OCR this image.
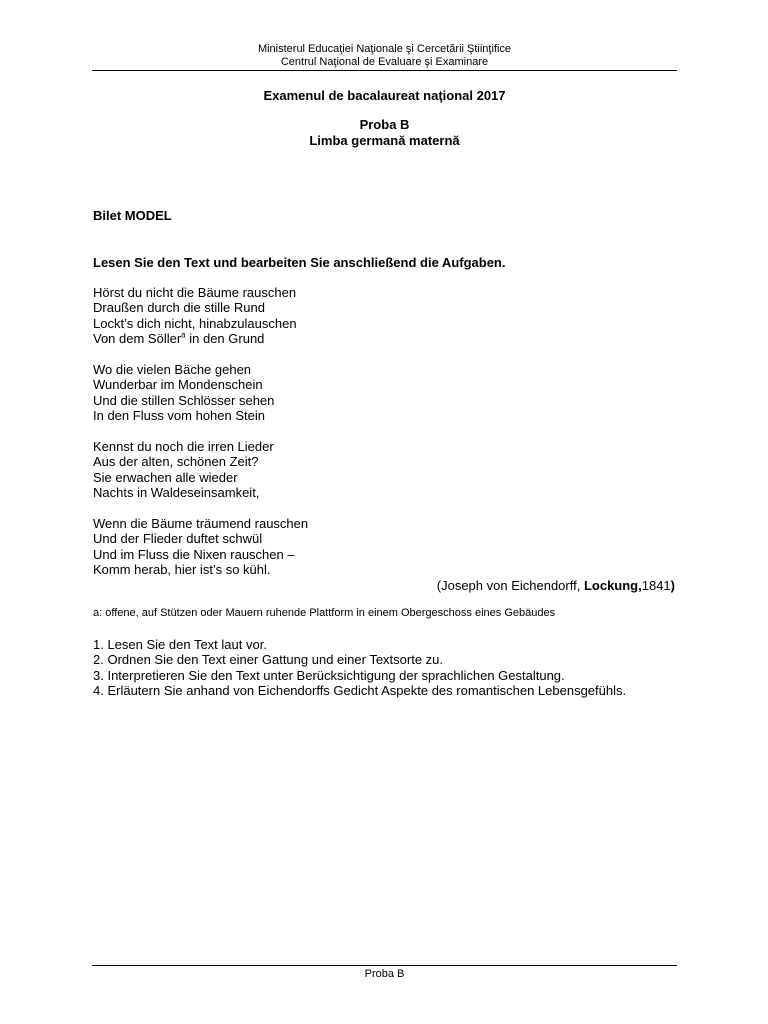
Ministerul Educaţiei Naţionale şi Cercetării Ştiinţifice
Centrul Naţional de Evaluare şi Examinare
Examenul de bacalaureat naţional 2017
Proba B
Limba germană maternă
Bilet MODEL
Lesen Sie den Text und bearbeiten Sie anschließend die Aufgaben.
Hörst du nicht die Bäume rauschen
Draußen durch die stille Rund
Lockt’s dich nicht, hinabzulauschen
Von dem Söller$^a$ in den Grund
Wo die vielen Bäche gehen
Wunderbar im Mondenschein
Und die stillen Schlösser sehen
In den Fluss vom hohen Stein
Kennst du noch die irren Lieder
Aus der alten, schönen Zeit?
Sie erwachen alle wieder
Nachts in Waldeseinsamkeit,
Wenn die Bäume träumend rauschen
Und der Flieder duftet schwül
Und im Fluss die Nixen rauschen –
Komm herab, hier ist’s so kühl.
(Joseph von Eichendorff, Lockung,1841)
a: offene, auf Stützen oder Mauern ruhende Plattform in einem Obergeschoss eines Gebäudes
1. Lesen Sie den Text laut vor.
2. Ordnen Sie den Text einer Gattung und einer Textsorte zu.
3. Interpretieren Sie den Text unter Berücksichtigung der sprachlichen Gestaltung.
4. Erläutern Sie anhand von Eichendorffs Gedicht Aspekte des romantischen Lebensgefühls.
Proba B
